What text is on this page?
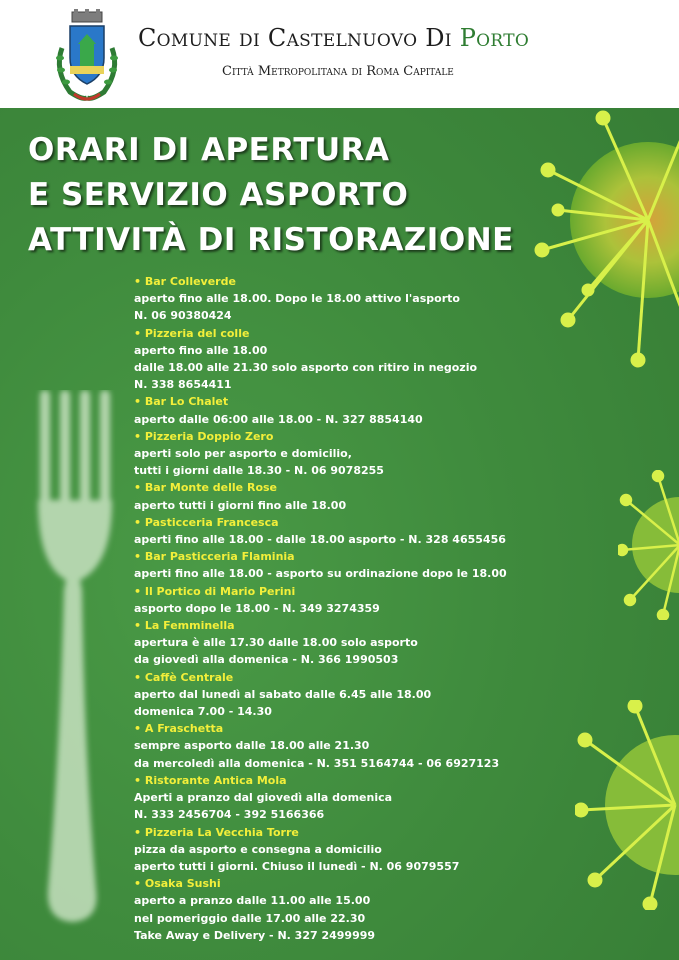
Comune di Castelnuovo Di Porto
Città Metropolitana di Roma Capitale
ORARI DI APERTURA
E SERVIZIO ASPORTO
ATTIVITÀ DI RISTORAZIONE
• Bar Colleverde
aperto fino alle 18.00. Dopo le 18.00 attivo l'asporto
N. 06 90380424
• Pizzeria del colle
aperto fino alle 18.00
dalle 18.00 alle 21.30 solo asporto con ritiro in negozio
N. 338 8654411
• Bar Lo Chalet
aperto dalle 06:00 alle 18.00 - N. 327 8854140
• Pizzeria Doppio Zero
aperti solo per asporto e domicilio,
tutti i giorni dalle 18.30 - N. 06 9078255
• Bar Monte delle Rose
aperto tutti i giorni fino alle 18.00
• Pasticceria Francesca
aperti fino alle 18.00 - dalle 18.00 asporto - N. 328 4655456
• Bar Pasticceria Flaminia
aperti fino alle 18.00 - asporto su ordinazione dopo le 18.00
• Il Portico di Mario Perini
asporto dopo le 18.00 - N. 349 3274359
• La Femminella
apertura è alle 17.30 dalle 18.00 solo asporto
da giovedì alla domenica - N. 366 1990503
• Caffè Centrale
aperto dal lunedì al sabato dalle 6.45 alle 18.00
domenica 7.00 - 14.30
• A Fraschetta
sempre asporto dalle 18.00 alle 21.30
da mercoledì alla domenica - N. 351 5164744 - 06 6927123
• Ristorante Antica Mola
Aperti a pranzo dal giovedì alla domenica
N. 333 2456704 - 392 5166366
• Pizzeria La Vecchia Torre
pizza da asporto e consegna a domicilio
aperto tutti i giorni. Chiuso il lunedì - N. 06 9079557
• Osaka Sushi
aperto a pranzo dalle 11.00 alle 15.00
nel pomeriggio dalle 17.00 alle 22.30
Take Away e Delivery - N. 327 2499999
